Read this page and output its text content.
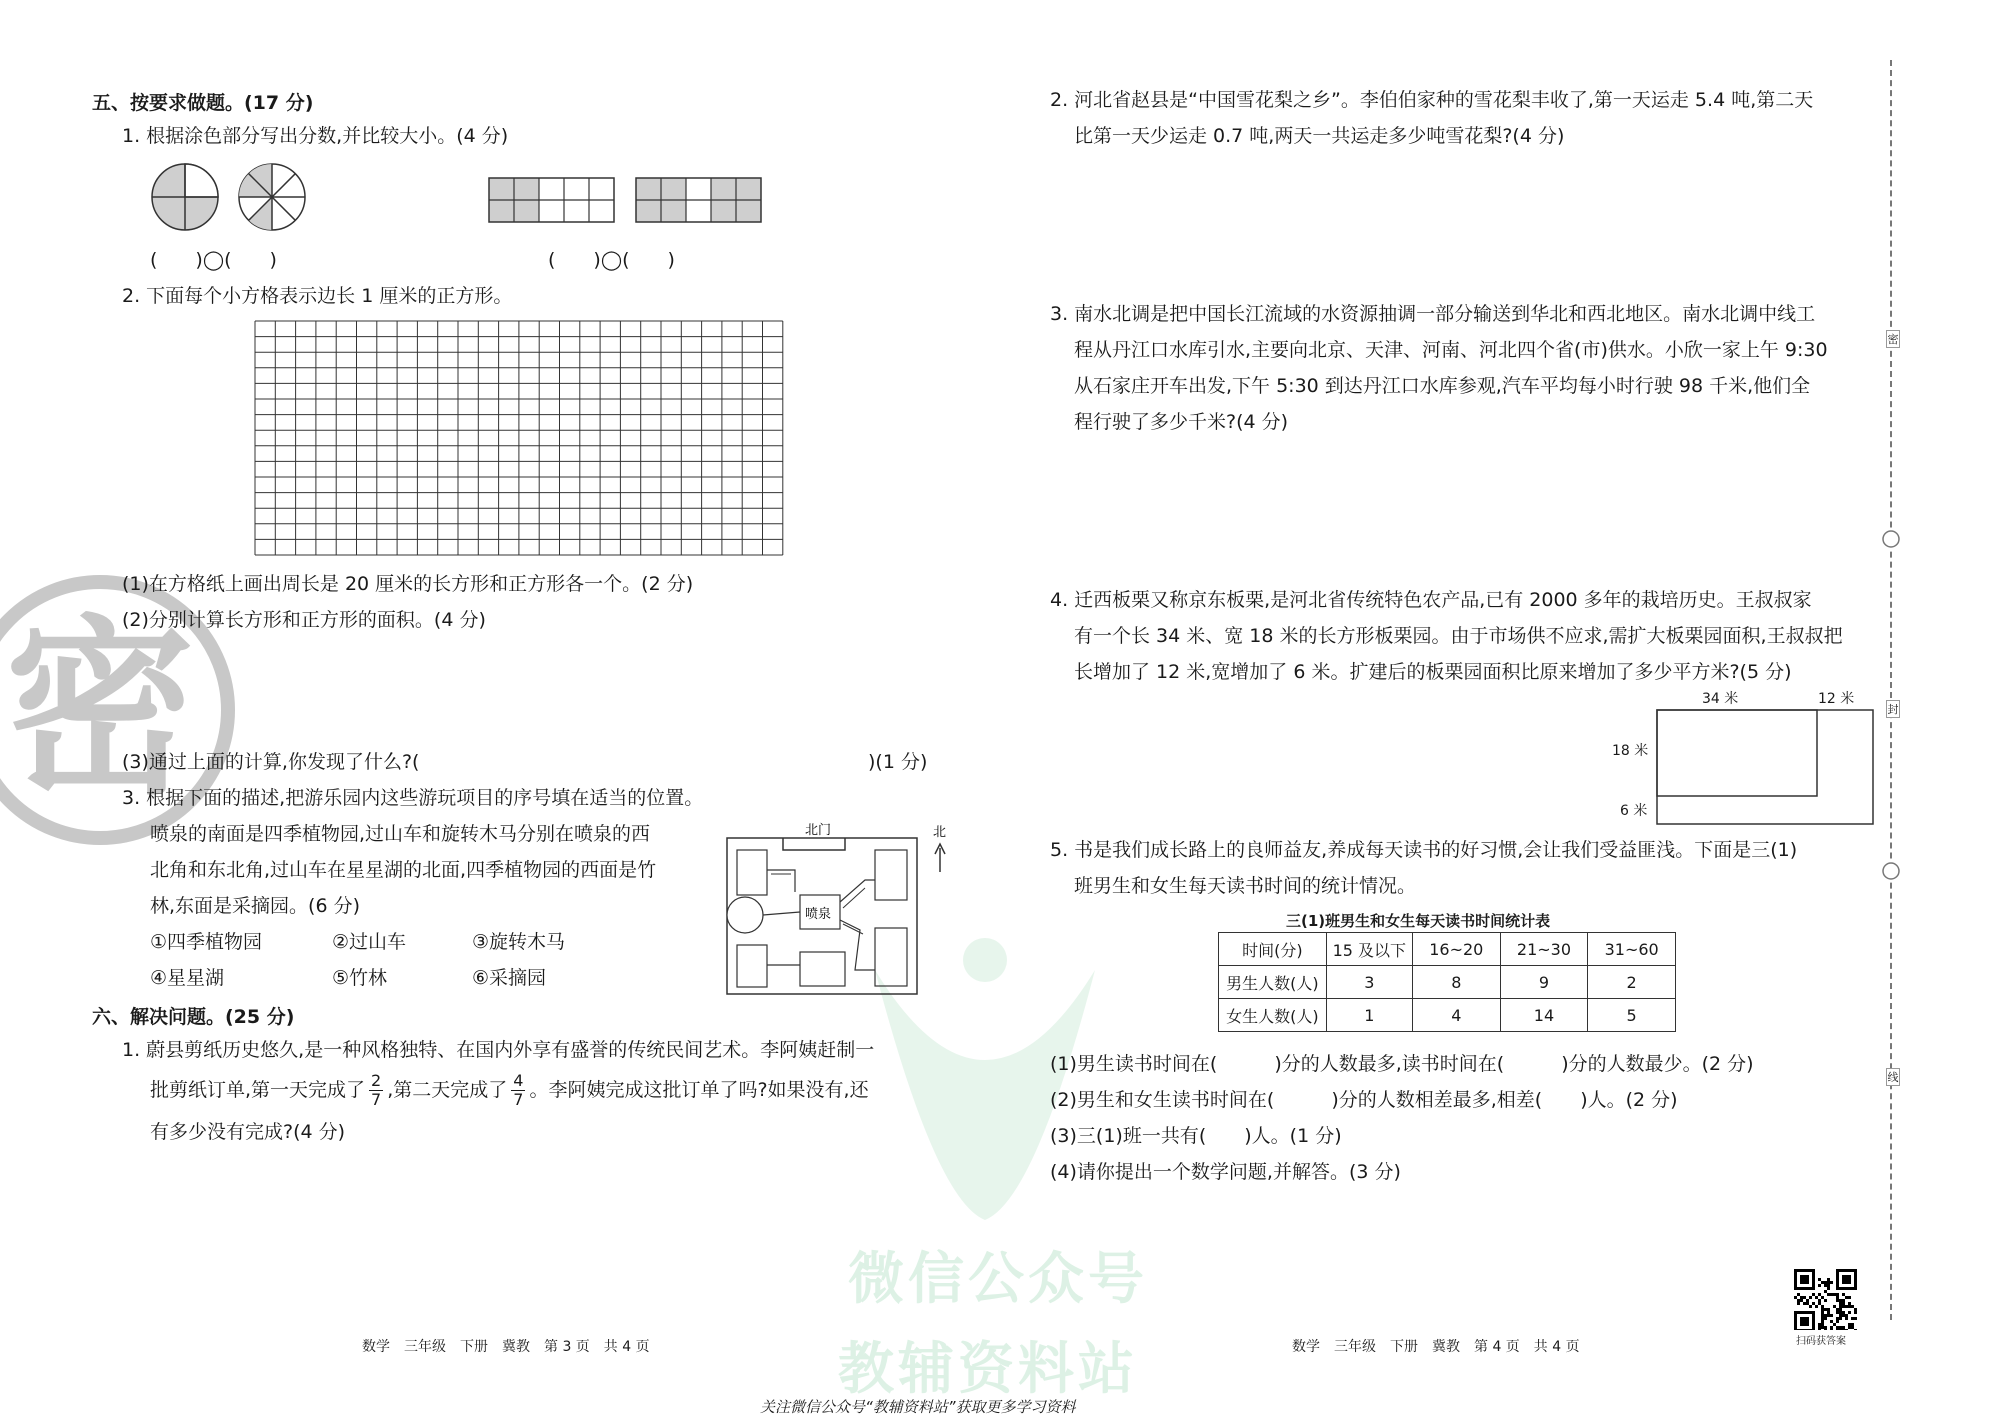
微信公众号
教辅资料站
密
五、按要求做题。(17 分)
1. 根据涂色部分写出分数,并比较大小。(4 分)
(　　)◯(　　)	(　　)◯(　　)
2. 下面每个小方格表示边长 1 厘米的正方形。
(1)在方格纸上画出周长是 20 厘米的长方形和正方形各一个。(2 分)
(2)分别计算长方形和正方形的面积。(4 分)
(3)通过上面的计算,你发现了什么?(	)(1 分)
3. 根据下面的描述,把游乐园内这些游玩项目的序号填在适当的位置。
喷泉的南面是四季植物园,过山车和旋转木马分别在喷泉的西
北角和东北角,过山车在星星湖的北面,四季植物园的西面是竹
林,东面是采摘园。(6 分)
①四季植物园	②过山车	③旋转木马
④星星湖	⑤竹林	⑥采摘园
北门
喷泉
北
六、解决问题。(25 分)
1. 蔚县剪纸历史悠久,是一种风格独特、在国内外享有盛誉的传统民间艺术。李阿姨赶制一
批剪纸订单,第一天完成了 $\frac{2}{7}$ ,第二天完成了 $\frac{4}{7}$ 。李阿姨完成这批订单了吗?如果没有,还
有多少没有完成?(4 分)
数学　三年级　下册　冀教　第 3 页　共 4 页
2. 河北省赵县是“中国雪花梨之乡”。李伯伯家种的雪花梨丰收了,第一天运走 5.4 吨,第二天
比第一天少运走 0.7 吨,两天一共运走多少吨雪花梨?(4 分)
3. 南水北调是把中国长江流域的水资源抽调一部分输送到华北和西北地区。南水北调中线工
程从丹江口水库引水,主要向北京、天津、河南、河北四个省(市)供水。小欣一家上午 9:30
从石家庄开车出发,下午 5:30 到达丹江口水库参观,汽车平均每小时行驶 98 千米,他们全
程行驶了多少千米?(4 分)
4. 迁西板栗又称京东板栗,是河北省传统特色农产品,已有 2000 多年的栽培历史。王叔叔家
有一个长 34 米、宽 18 米的长方形板栗园。由于市场供不应求,需扩大板栗园面积,王叔叔把
长增加了 12 米,宽增加了 6 米。扩建后的板栗园面积比原来增加了多少平方米?(5 分)
34 米	12 米
18 米
6 米
5. 书是我们成长路上的良师益友,养成每天读书的好习惯,会让我们受益匪浅。下面是三(1)
班男生和女生每天读书时间的统计情况。
三(1)班男生和女生每天读书时间统计表
时间(分)	15 及以下	16~20	21~30	31~60
男生人数(人)	3	8	9	2
女生人数(人)	1	4	14	5
(1)男生读书时间在(　　　)分的人数最多,读书时间在(　　　)分的人数最少。(2 分)
(2)男生和女生读书时间在(　　　)分的人数相差最多,相差(　　)人。(2 分)
(3)三(1)班一共有(　　)人。(1 分)
(4)请你提出一个数学问题,并解答。(3 分)
扫码获答案
数学　三年级　下册　冀教　第 4 页　共 4 页
关注微信公众号“教辅资料站”获取更多学习资料
密
封
线
